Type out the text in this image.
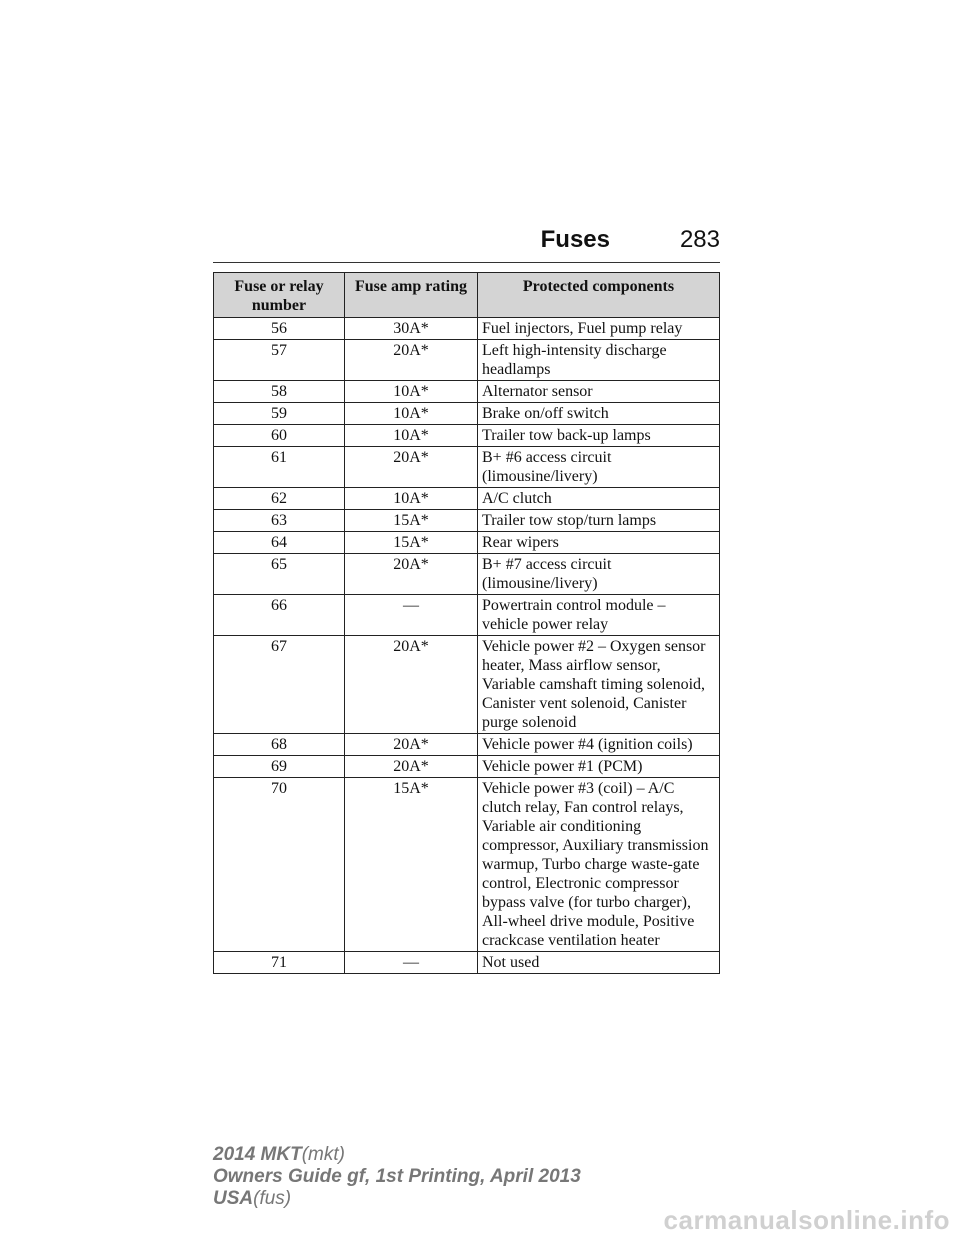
Fuses	283
Fuse or relay number	Fuse amp rating	Protected components
56	30A*	Fuel injectors, Fuel pump relay
57	20A*	Left high-intensity discharge headlamps
58	10A*	Alternator sensor
59	10A*	Brake on/off switch
60	10A*	Trailer tow back-up lamps
61	20A*	B+ #6 access circuit (limousine/livery)
62	10A*	A/C clutch
63	15A*	Trailer tow stop/turn lamps
64	15A*	Rear wipers
65	20A*	B+ #7 access circuit (limousine/livery)
66	—	Powertrain control module – vehicle power relay
67	20A*	Vehicle power #2 – Oxygen sensor heater, Mass airflow sensor, Variable camshaft timing solenoid, Canister vent solenoid, Canister purge solenoid
68	20A*	Vehicle power #4 (ignition coils)
69	20A*	Vehicle power #1 (PCM)
70	15A*	Vehicle power #3 (coil) – A/C clutch relay, Fan control relays, Variable air conditioning compressor, Auxiliary transmission warmup, Turbo charge waste-gate control, Electronic compressor bypass valve (for turbo charger), All-wheel drive module, Positive crackcase ventilation heater
71	—	Not used
2014 MKT(mkt)
Owners Guide gf, 1st Printing, April 2013
USA(fus)
carmanualsonline.info
